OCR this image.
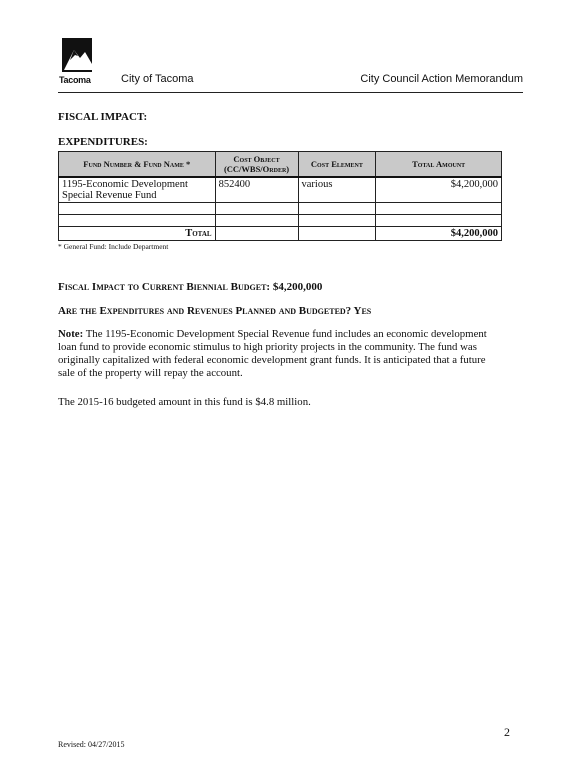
Tacoma	City of Tacoma	City Council Action Memorandum
FISCAL IMPACT:
EXPENDITURES:
Fund Number & Fund Name *	Cost Object (CC/WBS/Order)	Cost Element	Total Amount
1195-Economic Development Special Revenue Fund	852400	various	$4,200,000

Total			$4,200,000
* General Fund: Include Department
Fiscal Impact to Current Biennial Budget: $4,200,000
Are the Expenditures and Revenues Planned and Budgeted? Yes
Note: The 1195-Economic Development Special Revenue fund includes an economic development loan fund to provide economic stimulus to high priority projects in the community. The fund was originally capitalized with federal economic development grant funds. It is anticipated that a future sale of the property will repay the account.
The 2015-16 budgeted amount in this fund is $4.8 million.
2
Revised: 04/27/2015
